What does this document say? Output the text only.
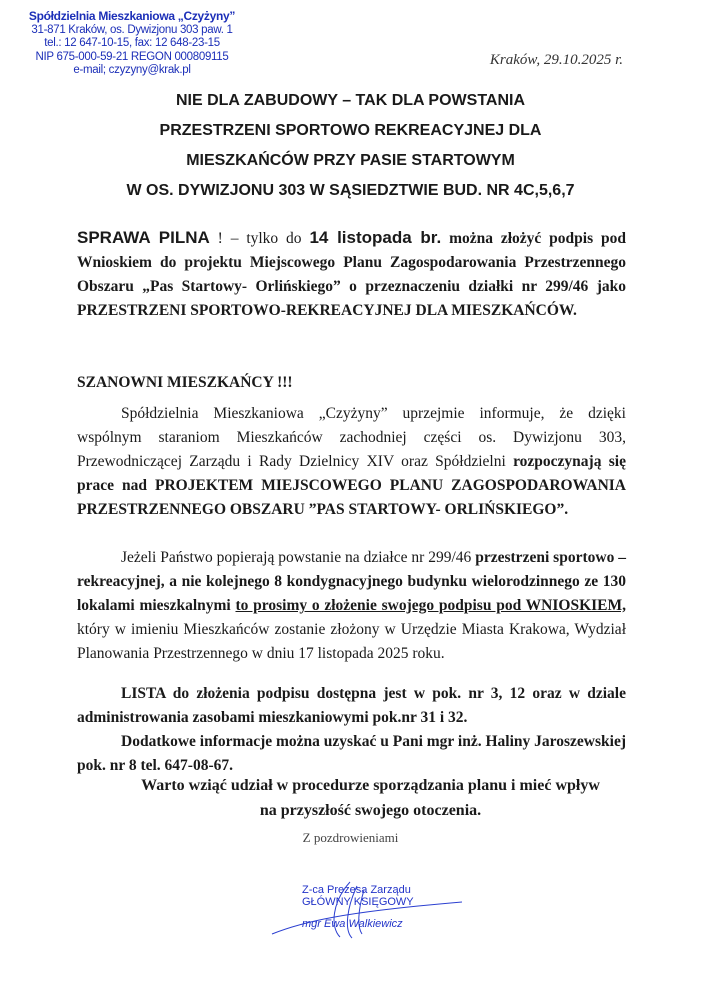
Spółdzielnia Mieszkaniowa „Czyżyny”
31-871 Kraków, os. Dywizjonu 303 paw. 1
tel.: 12 647-10-15, fax: 12 648-23-15
NIP 675-000-59-21 REGON 000809115
e-mail; czyzyny@krak.pl
Kraków, 29.10.2025 r.
NIE DLA ZABUDOWY – TAK DLA POWSTANIA
PRZESTRZENI SPORTOWO REKREACYJNEJ DLA
MIESZKAŃCÓW PRZY PASIE STARTOWYM
W OS. DYWIZJONU 303 W SĄSIEDZTWIE BUD. NR 4C,5,6,7
SPRAWA PILNA ! – tylko do 14 listopada br. można złożyć podpis pod Wnioskiem do projektu Miejscowego Planu Zagospodarowania Przestrzennego Obszaru „Pas Startowy- Orlińskiego” o przeznaczeniu działki nr 299/46 jako PRZESTRZENI SPORTOWO-REKREACYJNEJ DLA MIESZKAŃCÓW.
SZANOWNI MIESZKAŃCY !!!
Spółdzielnia Mieszkaniowa „Czyżyny” uprzejmie informuje, że dzięki wspólnym staraniom Mieszkańców zachodniej części os. Dywizjonu 303, Przewodniczącej Zarządu i Rady Dzielnicy XIV oraz Spółdzielni rozpoczynają się prace nad PROJEKTEM MIEJSCOWEGO PLANU ZAGOSPODAROWANIA PRZESTRZENNEGO OBSZARU ”PAS STARTOWY- ORLIŃSKIEGO”.
Jeżeli Państwo popierają powstanie na działce nr 299/46 przestrzeni sportowo – rekreacyjnej, a nie kolejnego 8 kondygnacyjnego budynku wielorodzinnego ze 130 lokalami mieszkalnymi to prosimy o złożenie swojego podpisu pod WNIOSKIEM, który w imieniu Mieszkańców zostanie złożony w Urzędzie Miasta Krakowa, Wydział Planowania Przestrzennego w dniu 17 listopada 2025 roku.
LISTA do złożenia podpisu dostępna jest w pok. nr 3, 12 oraz w dziale administrowania zasobami mieszkaniowymi pok.nr 31 i 32.
Dodatkowe informacje można uzyskać u Pani mgr inż. Haliny Jaroszewskiej pok. nr 8 tel. 647-08-67.
Warto wziąć udział w procedurze sporządzania planu i mieć wpływ
na przyszłość swojego otoczenia.
Z pozdrowieniami
Z-ca Prezesa Zarządu
GŁÓWNY KSIĘGOWY
mgr Ewa Walkiewicz
